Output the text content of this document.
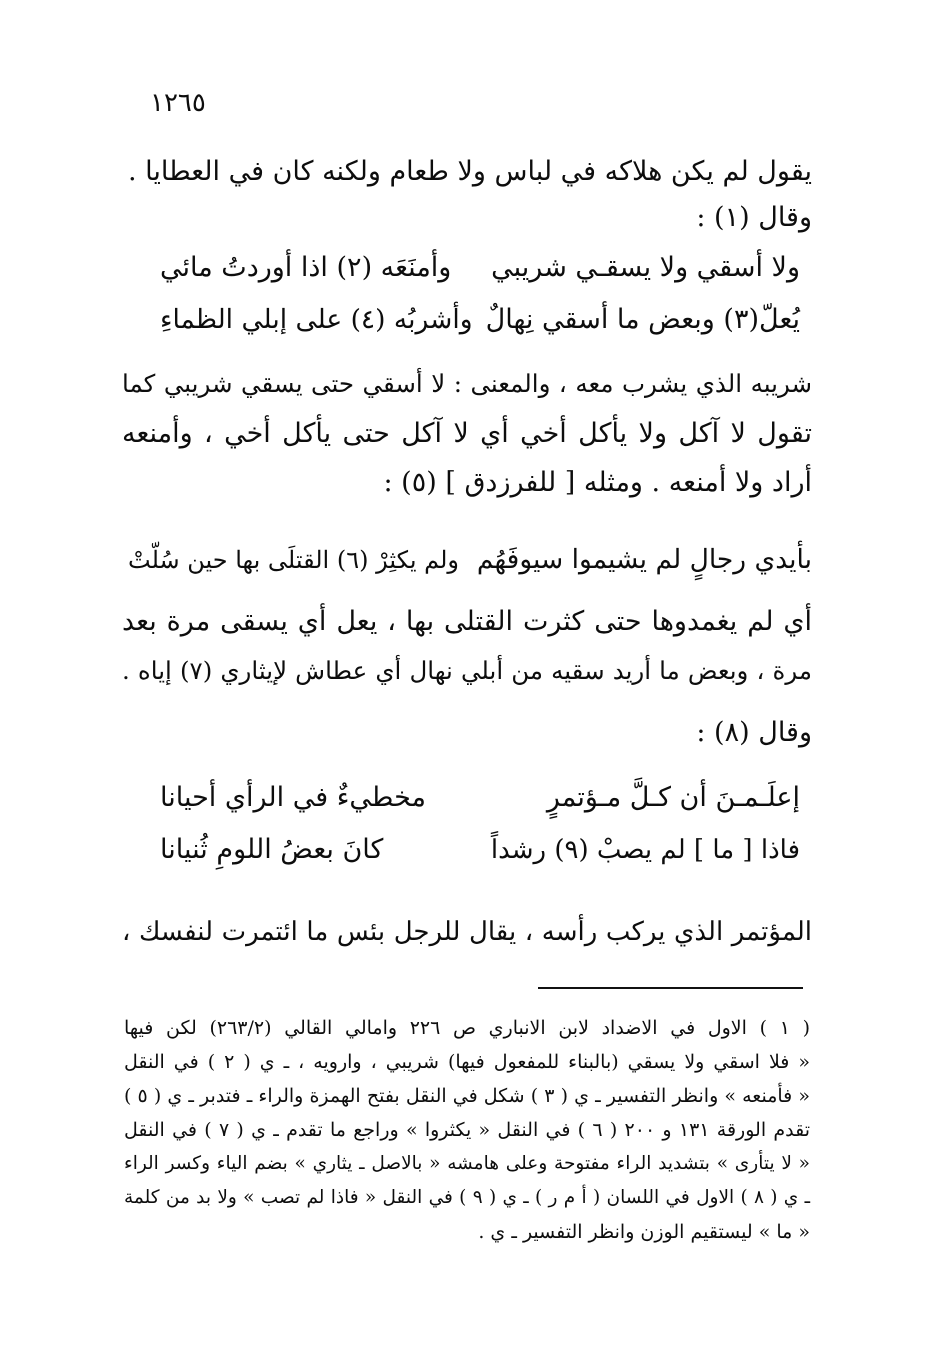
١٢٦٥
يقول لم يكن هلاكه في لباس ولا طعام ولكنه كان في العطايا .
وقال (١) :
ولا أسقي ولا يسقـي شريبي
وأمنَعَه (٢) اذا أوردتُ مائي
يُعلّ(٣) وبعض ما أسقي نِهالٌ
وأشربُه (٤) على إبلي الظماءِ
شريبه الذي يشرب معه ، والمعنى : لا أسقي حتى يسقي شريبي كما
تقول لا آكل ولا يأكل أخي أي لا آكل حتى يأكل أخي ، وأمنعه
أراد ولا أمنعه . ومثله [ للفرزدق ] (٥) :
بأيدي رجالٍ لم يشيموا سيوفَهُم
ولم يكثِرْ (٦) القتلَى بها حين سُلّتْ
أي لم يغمدوها حتى كثرت القتلى بها ، يعل أي يسقى مرة بعد
مرة ، وبعض ما أريد سقيه من أبلي نهال أي عطاش لإيثاري (٧) إياه .
وقال (٨) :
إعلَـمـنَ أن كـلَّ مـؤتمرٍ
مخطيءٌ في الرأي أحيانا
فاذا [ ما ] لم يصبْ (٩) رشداً
كانَ بعضُ اللومِ ثُنيانا
المؤتمر الذي يركب رأسه ، يقال للرجل بئس ما ائتمرت لنفسك ،
( ١ ) الاول في الاضداد لابن الانباري ص ٢٢٦ وامالي القالي (٢٦٣/٢) لكن فيها
« فلا اسقي ولا يسقي (بالبناء للمفعول فيها) شريبي ، وارويه ، ـ ي ( ٢ ) في النقل
« فأمنعه » وانظر التفسير ـ ي ( ٣ ) شكل في النقل بفتح الهمزة والراء ـ فتدبر ـ ي ( ٥ )
تقدم الورقة ١٣١ و ٢٠٠ ( ٦ ) في النقل « يكثروا » وراجع ما تقدم ـ ي ( ٧ ) في النقل
« لا يتأرى » بتشديد الراء مفتوحة وعلى هامشه « بالاصل ـ يثاري » بضم الياء وكسر الراء
ـ ي ( ٨ ) الاول في اللسان ( أ م ر ) ـ ي ( ٩ ) في النقل « فاذا لم تصب » ولا بد من كلمة
« ما » ليستقيم الوزن وانظر التفسير ـ ي .
